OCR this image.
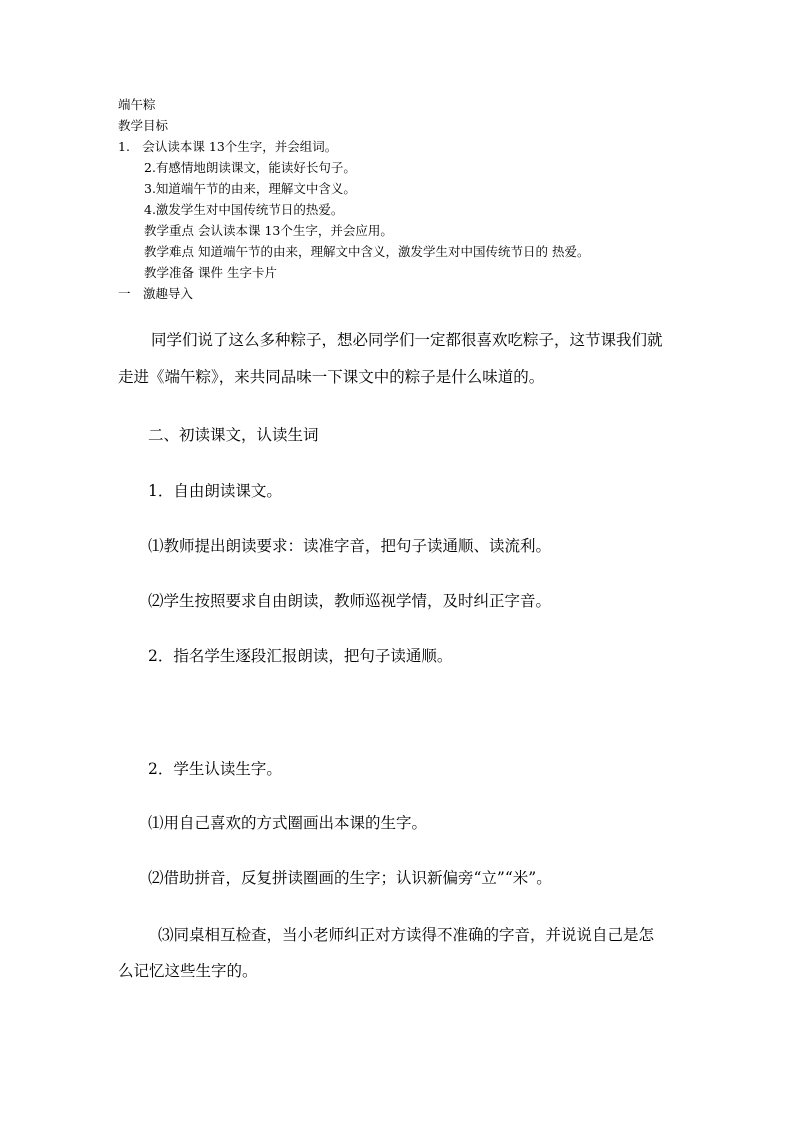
端午粽
教学目标
1.　会认读本课 13个生字，并会组词。
2.有感情地朗读课文，能读好长句子。
3.知道端午节的由来，理解文中含义。
4.激发学生对中国传统节日的热爱。
教学重点 会认读本课 13个生字，并会应用。
教学难点 知道端午节的由来，理解文中含义，激发学生对中国传统节日的 热爱。
教学准备 课件 生字卡片
一　激趣导入
同学们说了这么多种粽子，想必同学们一定都很喜欢吃粽子，这节课我们就
走进《端午粽》，来共同品味一下课文中的粽子是什么味道的。
二、初读课文，认读生词
1．自由朗读课文。
⑴教师提出朗读要求：读准字音，把句子读通顺、读流利。
⑵学生按照要求自由朗读，教师巡视学情，及时纠正字音。
2．指名学生逐段汇报朗读，把句子读通顺。
2．学生认读生字。
⑴用自己喜欢的方式圈画出本课的生字。
⑵借助拼音，反复拼读圈画的生字；认识新偏旁“立”“米”。
⑶同桌相互检查，当小老师纠正对方读得不准确的字音，并说说自己是怎
么记忆这些生字的。
